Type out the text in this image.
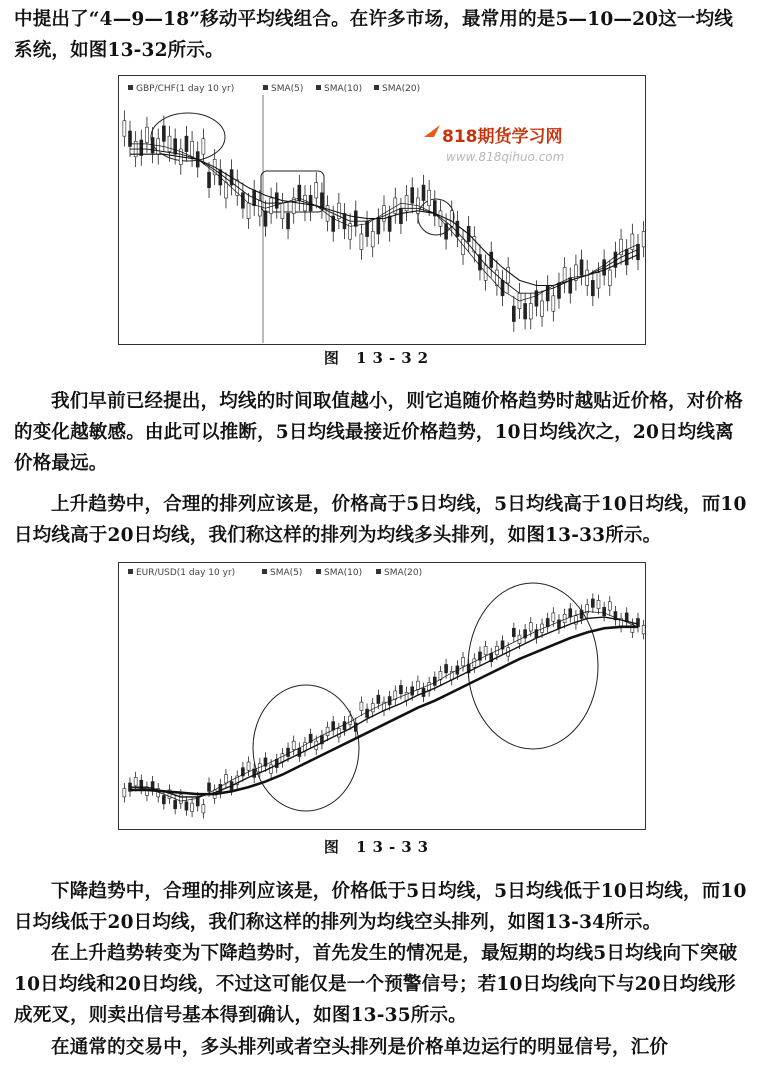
中提出了“4—9—18”移动平均线组合。在许多市场，最常用的是5—10—20这一均线系统，如图13-32所示。

GBP/CHF(1 day 10 yr)	SMA(5) SMA(10) SMA(20)
818期货学习网
www.818qihuo.com
图 13-32

我们早前已经提出，均线的时间取值越小，则它追随价格趋势时越贴近价格，对价格的变化越敏感。由此可以推断，5日均线最接近价格趋势，10日均线次之，20日均线离价格最远。

上升趋势中，合理的排列应该是，价格高于5日均线，5日均线高于10日均线，而10日均线高于20日均线，我们称这样的排列为均线多头排列，如图13-33所示。

EUR/USD(1 day 10 yr)	SMA(5) SMA(10) SMA(20)
图 13-33

下降趋势中，合理的排列应该是，价格低于5日均线，5日均线低于10日均线，而10日均线低于20日均线，我们称这样的排列为均线空头排列，如图13-34所示。

在上升趋势转变为下降趋势时，首先发生的情况是，最短期的均线5日均线向下突破10日均线和20日均线，不过这可能仅是一个预警信号；若10日均线向下与20日均线形成死叉，则卖出信号基本得到确认，如图13-35所示。

在通常的交易中，多头排列或者空头排列是价格单边运行的明显信号，汇价
